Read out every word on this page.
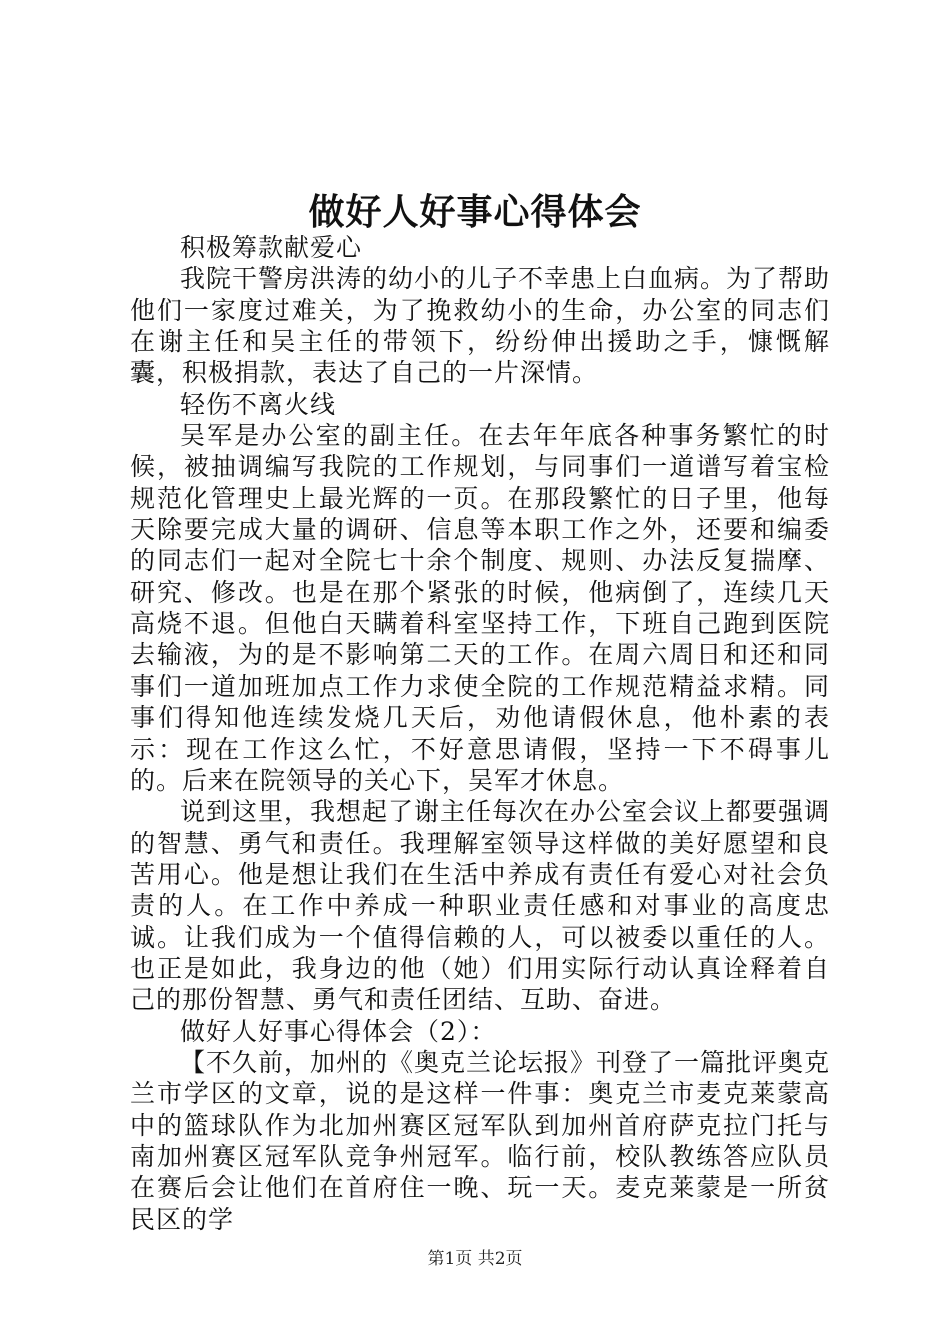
做好人好事心得体会

积极筹款献爱心

我院干警房洪涛的幼小的儿子不幸患上白血病。为了帮助他们一家度过难关，为了挽救幼小的生命，办公室的同志们在谢主任和吴主任的带领下，纷纷伸出援助之手，慷慨解囊，积极捐款，表达了自己的一片深情。

轻伤不离火线

吴军是办公室的副主任。在去年年底各种事务繁忙的时候，被抽调编写我院的工作规划，与同事们一道谱写着宝检规范化管理史上最光辉的一页。在那段繁忙的日子里，他每天除要完成大量的调研、信息等本职工作之外，还要和编委的同志们一起对全院七十余个制度、规则、办法反复揣摩、研究、修改。也是在那个紧张的时候，他病倒了，连续几天高烧不退。但他白天瞒着科室坚持工作，下班自己跑到医院去输液，为的是不影响第二天的工作。在周六周日和还和同事们一道加班加点工作力求使全院的工作规范精益求精。同事们得知他连续发烧几天后，劝他请假休息，他朴素的表示：现在工作这么忙，不好意思请假，坚持一下不碍事儿的。后来在院领导的关心下，吴军才休息。

说到这里，我想起了谢主任每次在办公室会议上都要强调的智慧、勇气和责任。我理解室领导这样做的美好愿望和良苦用心。他是想让我们在生活中养成有责任有爱心对社会负责的人。在工作中养成一种职业责任感和对事业的高度忠诚。让我们成为一个值得信赖的人，可以被委以重任的人。也正是如此，我身边的他（她）们用实际行动认真诠释着自己的那份智慧、勇气和责任团结、互助、奋进。

做好人好事心得体会（2）：

【不久前，加州的《奥克兰论坛报》刊登了一篇批评奥克兰市学区的文章，说的是这样一件事：奥克兰市麦克莱蒙高中的篮球队作为北加州赛区冠军队到加州首府萨克拉门托与南加州赛区冠军队竞争州冠军。临行前，校队教练答应队员在赛后会让他们在首府住一晚、玩一天。麦克莱蒙是一所贫民区的学

第1页 共2页
